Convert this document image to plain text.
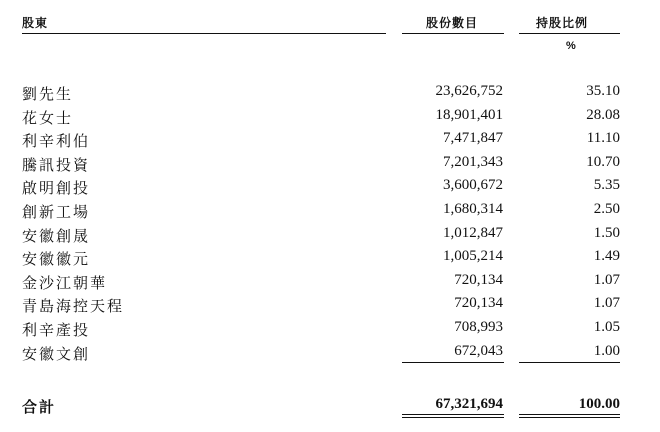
股東	股份數目	持股比例
%
劉先生	23,626,752	35.10
花女士	18,901,401	28.08
利辛利伯	7,471,847	11.10
騰訊投資	7,201,343	10.70
啟明創投	3,600,672	5.35
創新工場	1,680,314	2.50
安徽創晟	1,012,847	1.50
安徽徽元	1,005,214	1.49
金沙江朝華	720,134	1.07
青島海控天程	720,134	1.07
利辛產投	708,993	1.05
安徽文創	672,043	1.00
合計	67,321,694	100.00
